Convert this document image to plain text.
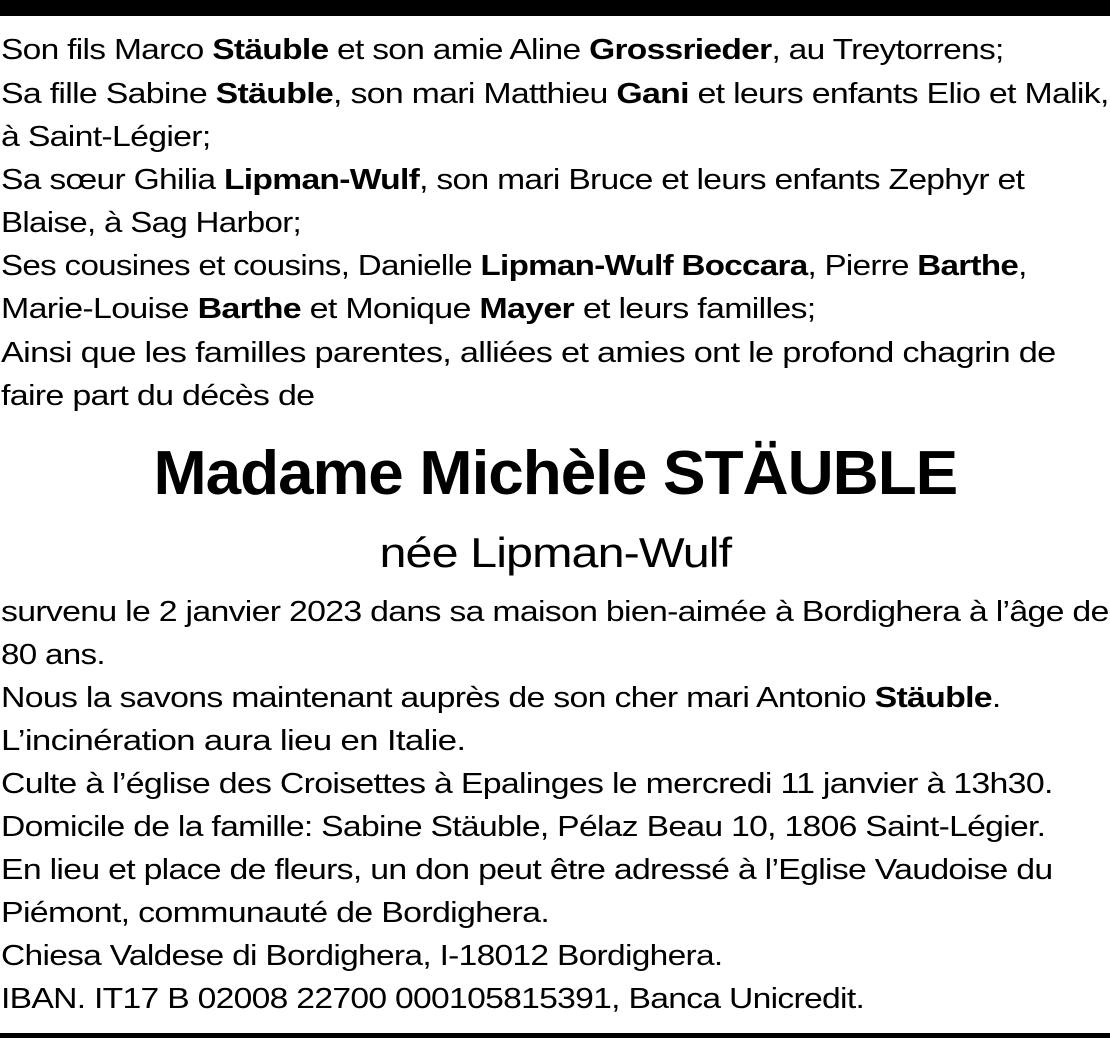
Son fils Marco Stäuble et son amie Aline Grossrieder, au Treytorrens;
Sa fille Sabine Stäuble, son mari Matthieu Gani et leurs enfants Elio et Malik,
à Saint-Légier;
Sa sœur Ghilia Lipman-Wulf, son mari Bruce et leurs enfants Zephyr et
Blaise, à Sag Harbor;
Ses cousines et cousins, Danielle Lipman-Wulf Boccara, Pierre Barthe,
Marie-Louise Barthe et Monique Mayer et leurs familles;
Ainsi que les familles parentes, alliées et amies ont le profond chagrin de
faire part du décès de
Madame Michèle STÄUBLE
née Lipman-Wulf
survenu le 2 janvier 2023 dans sa maison bien-aimée à Bordighera à l’âge de
80 ans.
Nous la savons maintenant auprès de son cher mari Antonio Stäuble.
L’incinération aura lieu en Italie.
Culte à l’église des Croisettes à Epalinges le mercredi 11 janvier à 13h30.
Domicile de la famille: Sabine Stäuble, Pélaz Beau 10, 1806 Saint-Légier.
En lieu et place de fleurs, un don peut être adressé à l’Eglise Vaudoise du
Piémont, communauté de Bordighera.
Chiesa Valdese di Bordighera, I-18012 Bordighera.
IBAN. IT17 B 02008 22700 000105815391, Banca Unicredit.
